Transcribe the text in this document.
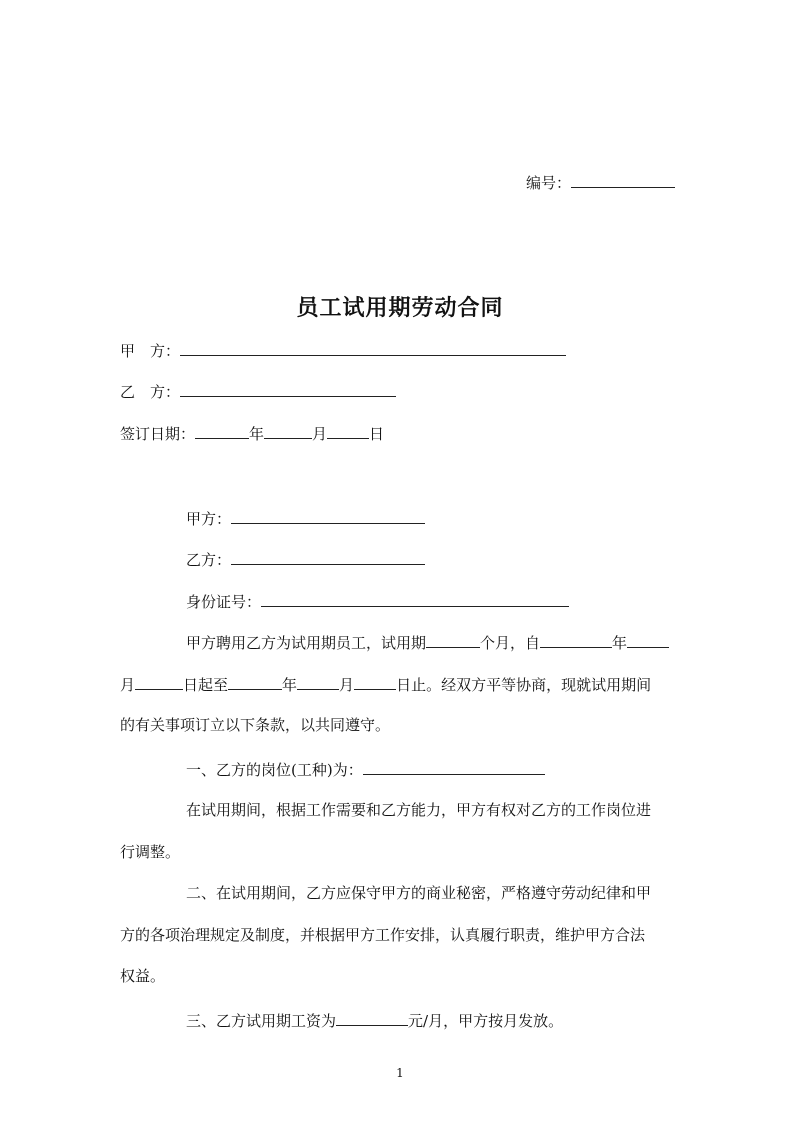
编号：
员工试用期劳动合同
甲　方：
乙　方：
签订日期：	年	月	日
甲方：
乙方：
身份证号：
甲方聘用乙方为试用期员工，试用期	个月，自	年
月	日起至	年	月	日止。经双方平等协商，现就试用期间
的有关事项订立以下条款，以共同遵守。
一、乙方的岗位(工种)为：
在试用期间，根据工作需要和乙方能力，甲方有权对乙方的工作岗位进
行调整。
二、在试用期间，乙方应保守甲方的商业秘密，严格遵守劳动纪律和甲
方的各项治理规定及制度，并根据甲方工作安排，认真履行职责，维护甲方合法
权益。
三、乙方试用期工资为	元/月，甲方按月发放。
1
